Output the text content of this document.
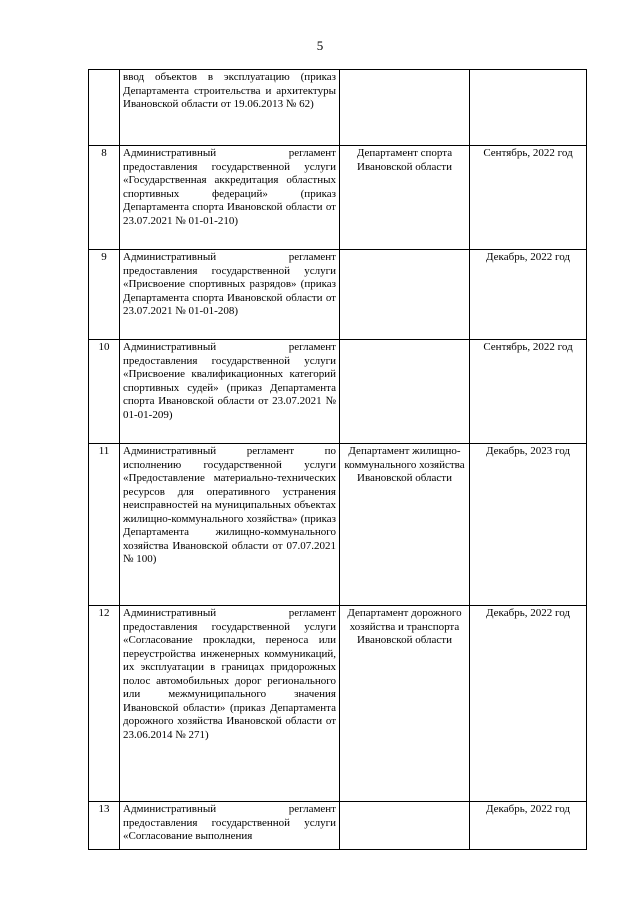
5
	ввод объектов в эксплуатацию (приказ Департамента строительства и архитектуры Ивановской области от 19.06.2013 № 62)		
8	Административный регламент предоставления государственной услуги «Государственная аккредитация областных спортивных федераций» (приказ Департамента спорта Ивановской области от 23.07.2021 № 01-01-210)	Департамент спорта Ивановской области	Сентябрь, 2022 год
9	Административный регламент предоставления государственной услуги «Присвоение спортивных разрядов» (приказ Департамента спорта Ивановской области от 23.07.2021 № 01-01-208)		Декабрь, 2022 год
10	Административный регламент предоставления государственной услуги «Присвоение квалификационных категорий спортивных судей» (приказ Департамента спорта Ивановской области от 23.07.2021 № 01-01-209)		Сентябрь, 2022 год
11	Административный регламент по исполнению государственной услуги «Предоставление материально-технических ресурсов для оперативного устранения неисправностей на муниципальных объектах жилищно-коммунального хозяйства» (приказ Департамента жилищно-коммунального хозяйства Ивановской области от 07.07.2021 № 100)	Департамент жилищно-коммунального хозяйства Ивановской области	Декабрь, 2023 год
12	Административный регламент предоставления государственной услуги «Согласование прокладки, переноса или переустройства инженерных коммуникаций, их эксплуатации в границах придорожных полос автомобильных дорог регионального или межмуниципального значения Ивановской области» (приказ Департамента дорожного хозяйства Ивановской области от 23.06.2014 № 271)	Департамент дорожного хозяйства и транспорта Ивановской области	Декабрь, 2022 год
13	Административный регламент предоставления государственной услуги «Согласование выполнения		Декабрь, 2022 год
